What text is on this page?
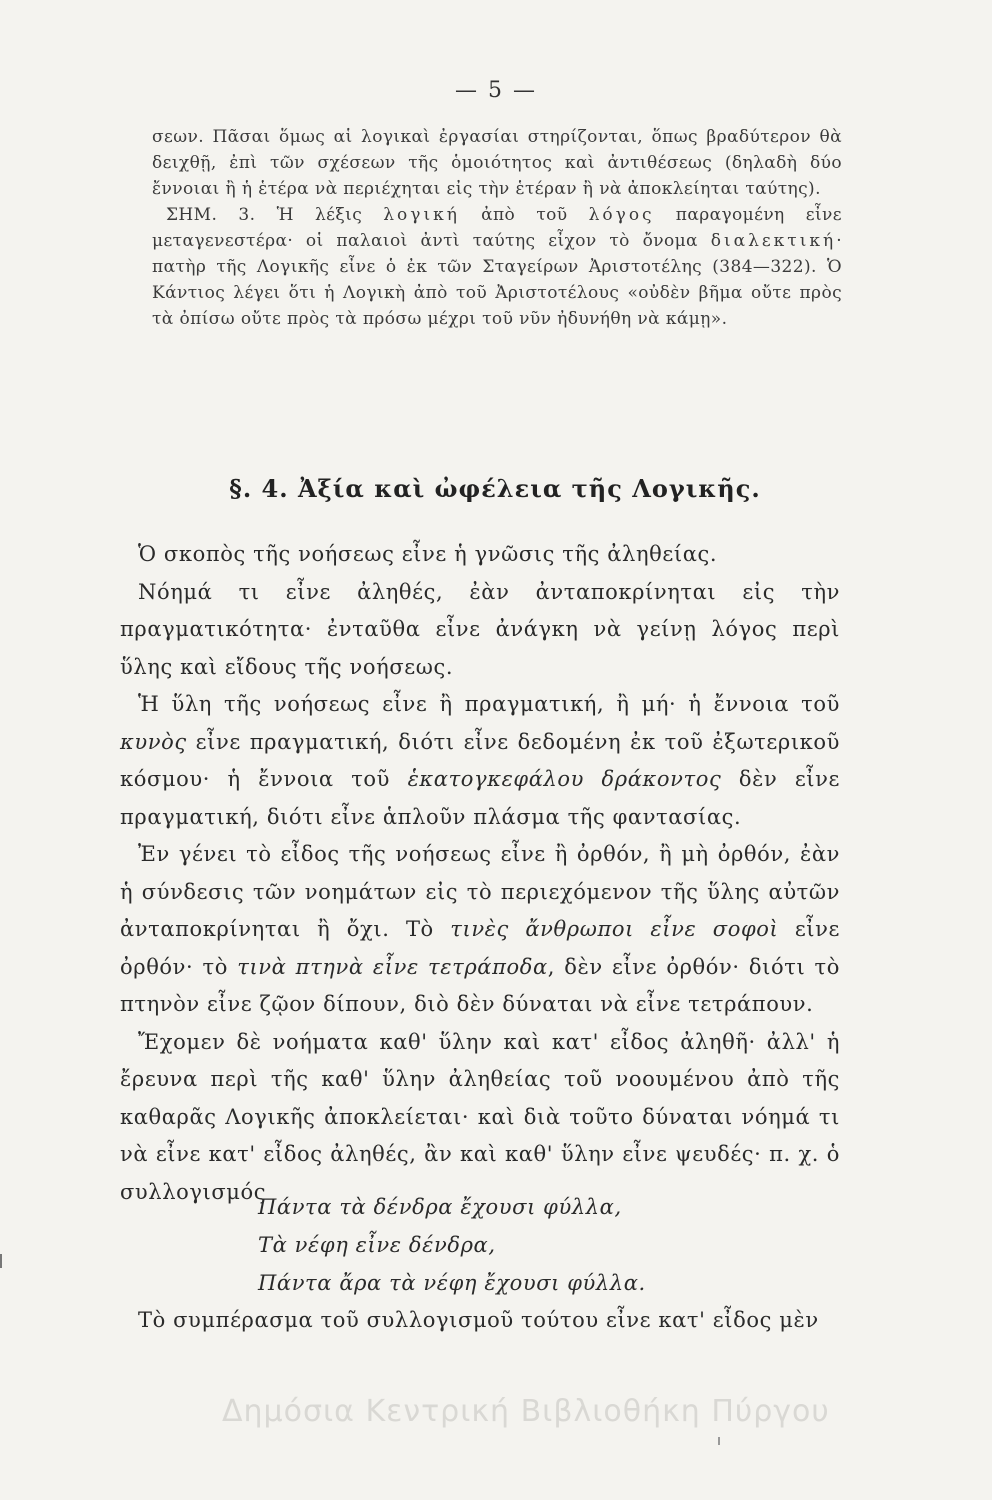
— 5 —

σεων. Πᾶσαι ὅμως αἱ λογικαὶ ἐργασίαι στηρίζονται, ὅπως βραδύτερον θὰ δειχθῇ, ἐπὶ τῶν σχέσεων τῆς ὁμοιότητος καὶ ἀντιθέσεως (δηλαδὴ δύο ἔννοιαι ἢ ἡ ἑτέρα νὰ περιέχηται εἰς τὴν ἑτέραν ἢ νὰ ἀποκλείηται ταύτης).

ΣΗΜ. 3. Ἡ λέξις λογική ἀπὸ τοῦ λόγος παραγομένη εἶνε μεταγενεστέρα· οἱ παλαιοὶ ἀντὶ ταύτης εἶχον τὸ ὄνομα διαλεκτική· πατὴρ τῆς Λογικῆς εἶνε ὁ ἐκ τῶν Σταγείρων Ἀριστοτέλης (384—322). Ὁ Κάντιος λέγει ὅτι ἡ Λογικὴ ἀπὸ τοῦ Ἀριστοτέλους «οὐδὲν βῆμα οὔτε πρὸς τὰ ὀπίσω οὔτε πρὸς τὰ πρόσω μέχρι τοῦ νῦν ἠδυνήθη νὰ κάμῃ».

§. 4. Ἀξία καὶ ὠφέλεια τῆς Λογικῆς.

Ὁ σκοπὸς τῆς νοήσεως εἶνε ἡ γνῶσις τῆς ἀληθείας.

Νόημά τι εἶνε ἀληθές, ἐὰν ἀνταποκρίνηται εἰς τὴν πραγματικότητα· ἐνταῦθα εἶνε ἀνάγκη νὰ γείνῃ λόγος περὶ ὕλης καὶ εἴδους τῆς νοήσεως.

Ἡ ὕλη τῆς νοήσεως εἶνε ἢ πραγματική, ἢ μή· ἡ ἔννοια τοῦ κυνὸς εἶνε πραγματική, διότι εἶνε δεδομένη ἐκ τοῦ ἐξωτερικοῦ κόσμου· ἡ ἔννοια τοῦ ἑκατογκεφάλου δράκοντος δὲν εἶνε πραγματική, διότι εἶνε ἁπλοῦν πλάσμα τῆς φαντασίας.

Ἐν γένει τὸ εἶδος τῆς νοήσεως εἶνε ἢ ὀρθόν, ἢ μὴ ὀρθόν, ἐὰν ἡ σύνδεσις τῶν νοημάτων εἰς τὸ περιεχόμενον τῆς ὕλης αὐτῶν ἀνταποκρίνηται ἢ ὄχι. Τὸ τινὲς ἄνθρωποι εἶνε σοφοὶ εἶνε ὀρθόν· τὸ τινὰ πτηνὰ εἶνε τετράποδα, δὲν εἶνε ὀρθόν· διότι τὸ πτηνὸν εἶνε ζῷον δίπουν, διὸ δὲν δύναται νὰ εἶνε τετράπουν.

Ἔχομεν δὲ νοήματα καθ' ὕλην καὶ κατ' εἶδος ἀληθῆ· ἀλλ' ἡ ἔρευνα περὶ τῆς καθ' ὕλην ἀληθείας τοῦ νοουμένου ἀπὸ τῆς καθαρᾶς Λογικῆς ἀποκλείεται· καὶ διὰ τοῦτο δύναται νόημά τι νὰ εἶνε κατ' εἶδος ἀληθές, ἂν καὶ καθ' ὕλην εἶνε ψευδές· π. χ. ὁ συλλογισμός

Πάντα τὰ δένδρα ἔχουσι φύλλα,
Τὰ νέφη εἶνε δένδρα,
Πάντα ἄρα τὰ νέφη ἔχουσι φύλλα.
Τὸ συμπέρασμα τοῦ συλλογισμοῦ τούτου εἶνε κατ' εἶδος μὲν
Δημόσια Κεντρική Βιβλιοθήκη Πύργου
